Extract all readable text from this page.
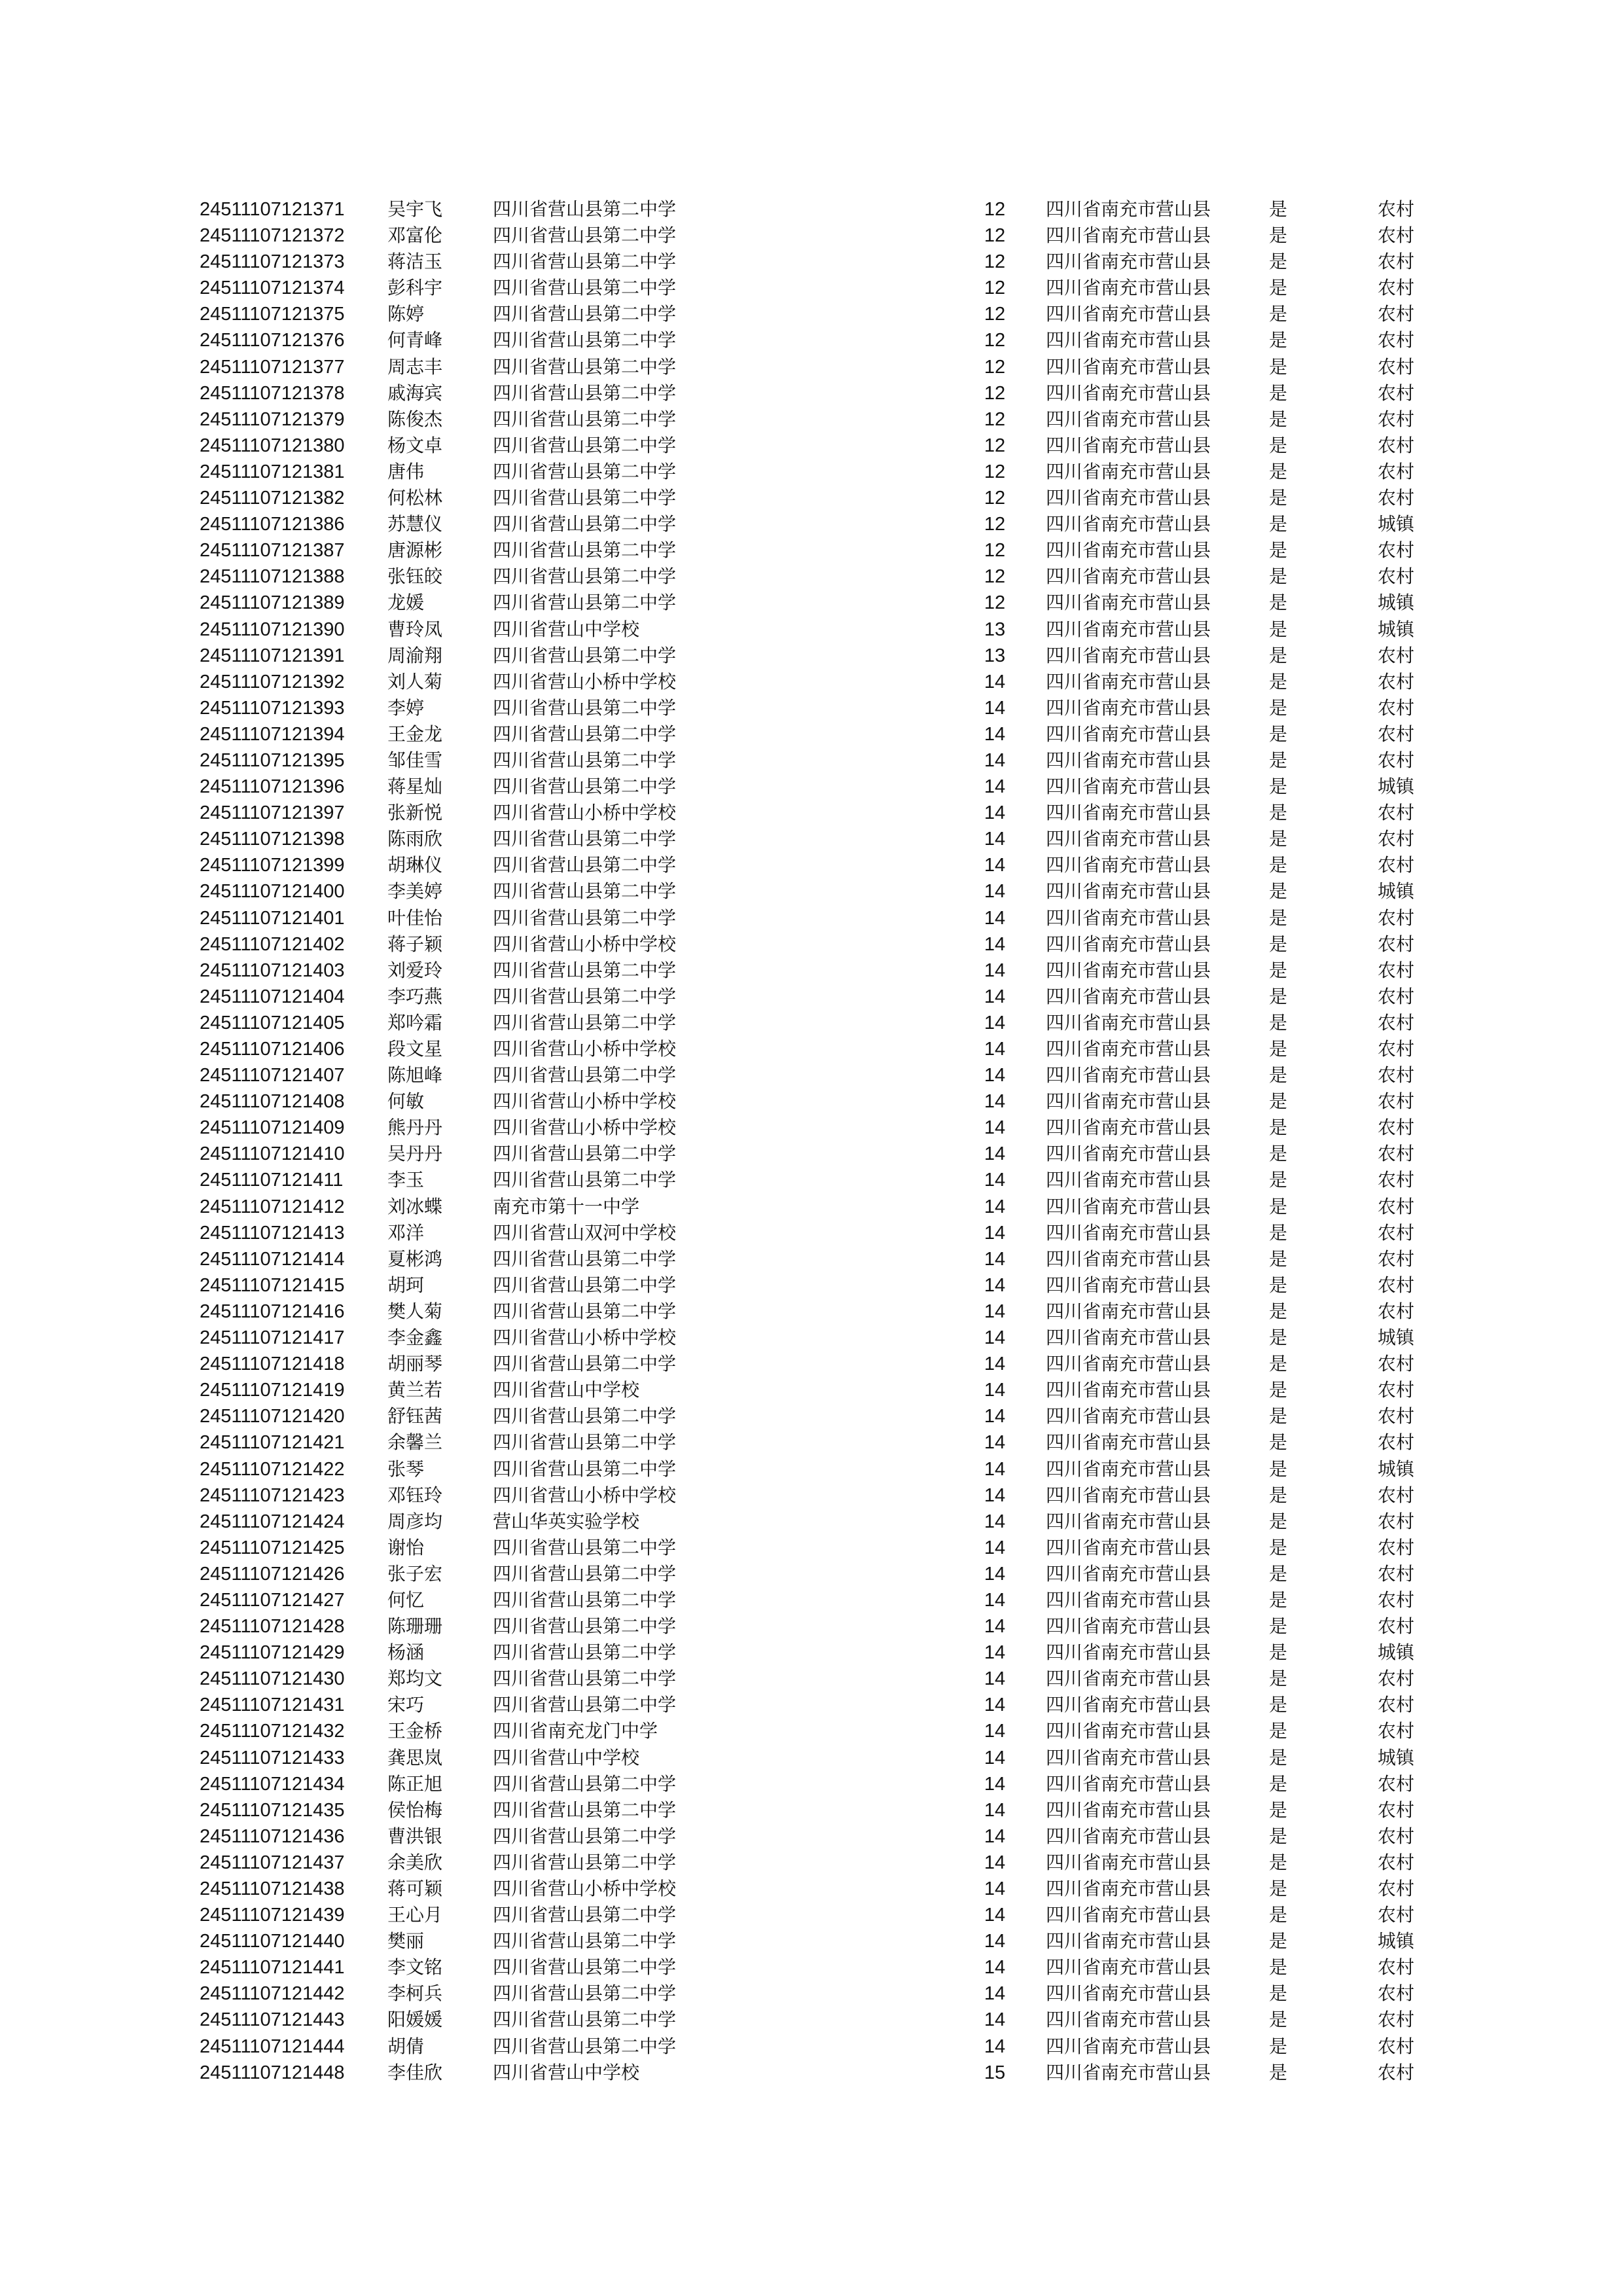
24511107121371 吴宇飞	四川省营山县第二中学	12	四川省南充市营山县	是	农村
24511107121372 邓富伦	四川省营山县第二中学	12	四川省南充市营山县	是	农村
24511107121373 蒋洁玉	四川省营山县第二中学	12	四川省南充市营山县	是	农村
24511107121374 彭科宇	四川省营山县第二中学	12	四川省南充市营山县	是	农村
24511107121375 陈婷	四川省营山县第二中学	12	四川省南充市营山县	是	农村
24511107121376 何青峰	四川省营山县第二中学	12	四川省南充市营山县	是	农村
24511107121377 周志丰	四川省营山县第二中学	12	四川省南充市营山县	是	农村
24511107121378 戚海宾	四川省营山县第二中学	12	四川省南充市营山县	是	农村
24511107121379 陈俊杰	四川省营山县第二中学	12	四川省南充市营山县	是	农村
24511107121380 杨文卓	四川省营山县第二中学	12	四川省南充市营山县	是	农村
24511107121381 唐伟	四川省营山县第二中学	12	四川省南充市营山县	是	农村
24511107121382 何松林	四川省营山县第二中学	12	四川省南充市营山县	是	农村
24511107121386 苏慧仪	四川省营山县第二中学	12	四川省南充市营山县	是	城镇
24511107121387 唐源彬	四川省营山县第二中学	12	四川省南充市营山县	是	农村
24511107121388 张钰皎	四川省营山县第二中学	12	四川省南充市营山县	是	农村
24511107121389 龙媛	四川省营山县第二中学	12	四川省南充市营山县	是	城镇
24511107121390 曹玲凤	四川省营山中学校	13	四川省南充市营山县	是	城镇
24511107121391 周渝翔	四川省营山县第二中学	13	四川省南充市营山县	是	农村
24511107121392 刘人菊	四川省营山小桥中学校	14	四川省南充市营山县	是	农村
24511107121393 李婷	四川省营山县第二中学	14	四川省南充市营山县	是	农村
24511107121394 王金龙	四川省营山县第二中学	14	四川省南充市营山县	是	农村
24511107121395 邹佳雪	四川省营山县第二中学	14	四川省南充市营山县	是	农村
24511107121396 蒋星灿	四川省营山县第二中学	14	四川省南充市营山县	是	城镇
24511107121397 张新悦	四川省营山小桥中学校	14	四川省南充市营山县	是	农村
24511107121398 陈雨欣	四川省营山县第二中学	14	四川省南充市营山县	是	农村
24511107121399 胡琳仪	四川省营山县第二中学	14	四川省南充市营山县	是	农村
24511107121400 李美婷	四川省营山县第二中学	14	四川省南充市营山县	是	城镇
24511107121401 叶佳怡	四川省营山县第二中学	14	四川省南充市营山县	是	农村
24511107121402 蒋子颖	四川省营山小桥中学校	14	四川省南充市营山县	是	农村
24511107121403 刘爱玲	四川省营山县第二中学	14	四川省南充市营山县	是	农村
24511107121404 李巧燕	四川省营山县第二中学	14	四川省南充市营山县	是	农村
24511107121405 郑吟霜	四川省营山县第二中学	14	四川省南充市营山县	是	农村
24511107121406 段文星	四川省营山小桥中学校	14	四川省南充市营山县	是	农村
24511107121407 陈旭峰	四川省营山县第二中学	14	四川省南充市营山县	是	农村
24511107121408 何敏	四川省营山小桥中学校	14	四川省南充市营山县	是	农村
24511107121409 熊丹丹	四川省营山小桥中学校	14	四川省南充市营山县	是	农村
24511107121410 吴丹丹	四川省营山县第二中学	14	四川省南充市营山县	是	农村
24511107121411 李玉	四川省营山县第二中学	14	四川省南充市营山县	是	农村
24511107121412 刘冰蝶	南充市第十一中学	14	四川省南充市营山县	是	农村
24511107121413 邓洋	四川省营山双河中学校	14	四川省南充市营山县	是	农村
24511107121414 夏彬鸿	四川省营山县第二中学	14	四川省南充市营山县	是	农村
24511107121415 胡珂	四川省营山县第二中学	14	四川省南充市营山县	是	农村
24511107121416 樊人菊	四川省营山县第二中学	14	四川省南充市营山县	是	农村
24511107121417 李金鑫	四川省营山小桥中学校	14	四川省南充市营山县	是	城镇
24511107121418 胡丽琴	四川省营山县第二中学	14	四川省南充市营山县	是	农村
24511107121419 黄兰若	四川省营山中学校	14	四川省南充市营山县	是	农村
24511107121420 舒钰茜	四川省营山县第二中学	14	四川省南充市营山县	是	农村
24511107121421 余馨兰	四川省营山县第二中学	14	四川省南充市营山县	是	农村
24511107121422 张琴	四川省营山县第二中学	14	四川省南充市营山县	是	城镇
24511107121423 邓钰玲	四川省营山小桥中学校	14	四川省南充市营山县	是	农村
24511107121424 周彦均	营山华英实验学校	14	四川省南充市营山县	是	农村
24511107121425 谢怡	四川省营山县第二中学	14	四川省南充市营山县	是	农村
24511107121426 张子宏	四川省营山县第二中学	14	四川省南充市营山县	是	农村
24511107121427 何忆	四川省营山县第二中学	14	四川省南充市营山县	是	农村
24511107121428 陈珊珊	四川省营山县第二中学	14	四川省南充市营山县	是	农村
24511107121429 杨涵	四川省营山县第二中学	14	四川省南充市营山县	是	城镇
24511107121430 郑均文	四川省营山县第二中学	14	四川省南充市营山县	是	农村
24511107121431 宋巧	四川省营山县第二中学	14	四川省南充市营山县	是	农村
24511107121432 王金桥	四川省南充龙门中学	14	四川省南充市营山县	是	农村
24511107121433 龚思岚	四川省营山中学校	14	四川省南充市营山县	是	城镇
24511107121434 陈正旭	四川省营山县第二中学	14	四川省南充市营山县	是	农村
24511107121435 侯怡梅	四川省营山县第二中学	14	四川省南充市营山县	是	农村
24511107121436 曹洪银	四川省营山县第二中学	14	四川省南充市营山县	是	农村
24511107121437 余美欣	四川省营山县第二中学	14	四川省南充市营山县	是	农村
24511107121438 蒋可颖	四川省营山小桥中学校	14	四川省南充市营山县	是	农村
24511107121439 王心月	四川省营山县第二中学	14	四川省南充市营山县	是	农村
24511107121440 樊丽	四川省营山县第二中学	14	四川省南充市营山县	是	城镇
24511107121441 李文铭	四川省营山县第二中学	14	四川省南充市营山县	是	农村
24511107121442 李柯兵	四川省营山县第二中学	14	四川省南充市营山县	是	农村
24511107121443 阳媛媛	四川省营山县第二中学	14	四川省南充市营山县	是	农村
24511107121444 胡倩	四川省营山县第二中学	14	四川省南充市营山县	是	农村
24511107121448 李佳欣	四川省营山中学校	15	四川省南充市营山县	是	农村
